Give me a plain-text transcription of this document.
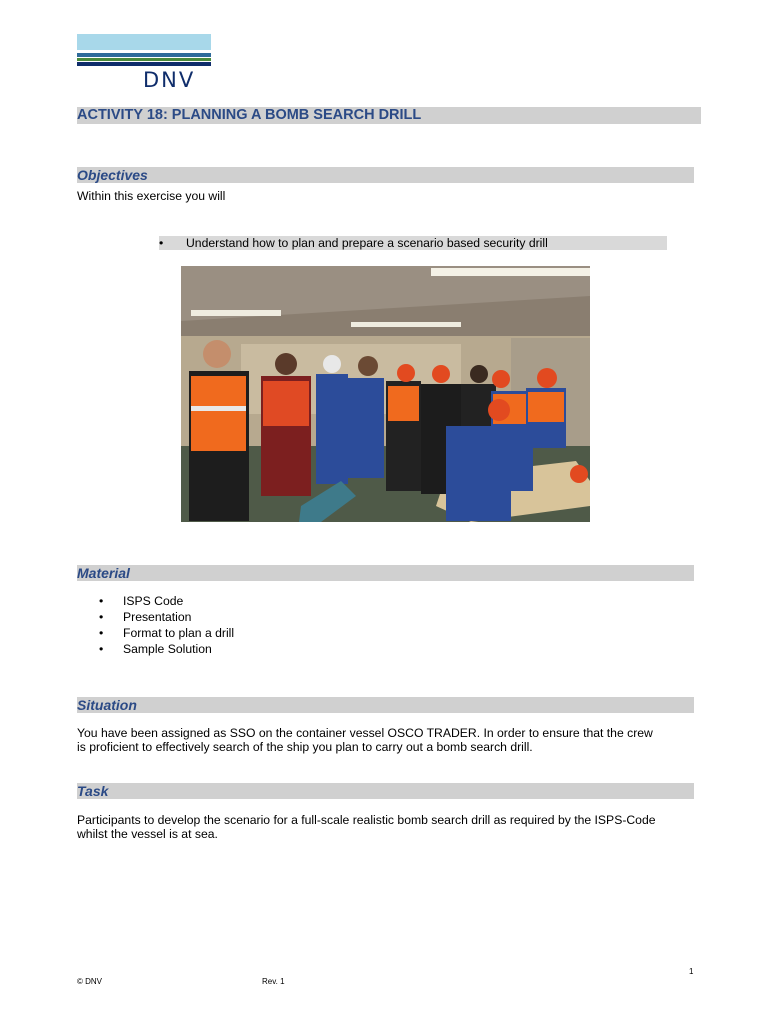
DNV
ACTIVITY 18: PLANNING A BOMB SEARCH DRILL
Objectives
Within this exercise you will
• Understand how to plan and prepare a scenario based security drill
Material
• ISPS Code
• Presentation
• Format to plan a drill
• Sample Solution
Situation
You have been assigned as SSO on the container vessel OSCO TRADER. In order to ensure that the crew
is proficient to effectively search of the ship you plan to carry out a bomb search drill.
Task
Participants to develop the scenario for a full-scale realistic bomb search drill as required by the ISPS-Code
whilst the vessel is at sea.
1
© DNV	Rev. 1
